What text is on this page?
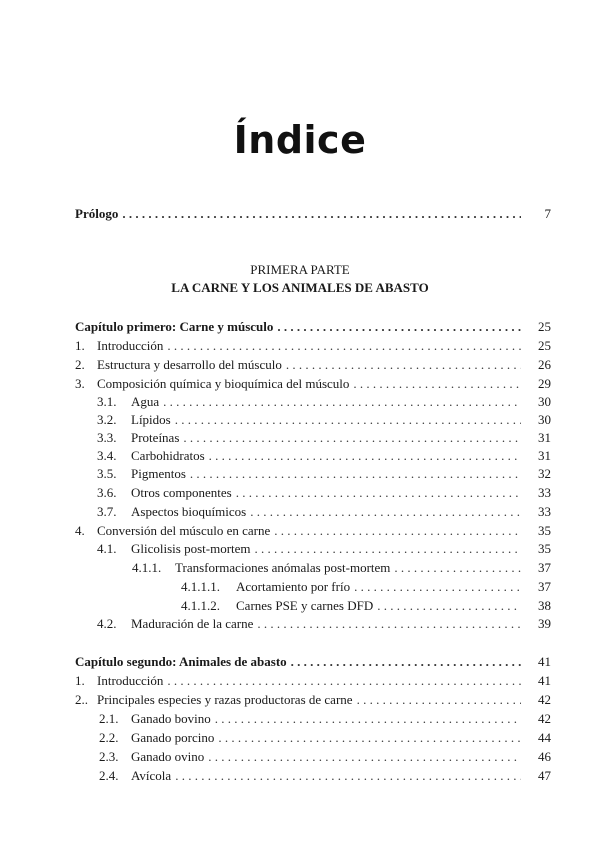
Índice
Prólogo . . .	7
PRIMERA PARTE
LA CARNE Y LOS ANIMALES DE ABASTO
Capítulo primero: Carne y músculo . . .	25
1. Introducción . . .	25
2. Estructura y desarrollo del músculo . . .	26
3. Composición química y bioquímica del músculo . . .	29
3.1.	Agua . . .	30
3.2.	Lípidos . . .	30
3.3.	Proteínas . . .	31
3.4.	Carbohidratos . . .	31
3.5.	Pigmentos . . .	32
3.6.	Otros componentes . . .	33
3.7.	Aspectos bioquímicos . . .	33
4. Conversión del músculo en carne . . .	35
4.1.	Glicolisis post-mortem . . .	35
4.1.1.	Transformaciones anómalas post-mortem . . .	37
4.1.1.1.	Acortamiento por frío . . .	37
4.1.1.2.	Carnes PSE y carnes DFD . . .	38
4.2.	Maduración de la carne . . .	39
Capítulo segundo: Animales de abasto . . .	41
1. Introducción . . .	41
2.. Principales especies y razas productoras de carne . . .	42
2.1. Ganado bovino . . .	42
2.2. Ganado porcino . . .	44
2.3. Ganado ovino . . .	46
2.4. Avícola . . .	47
